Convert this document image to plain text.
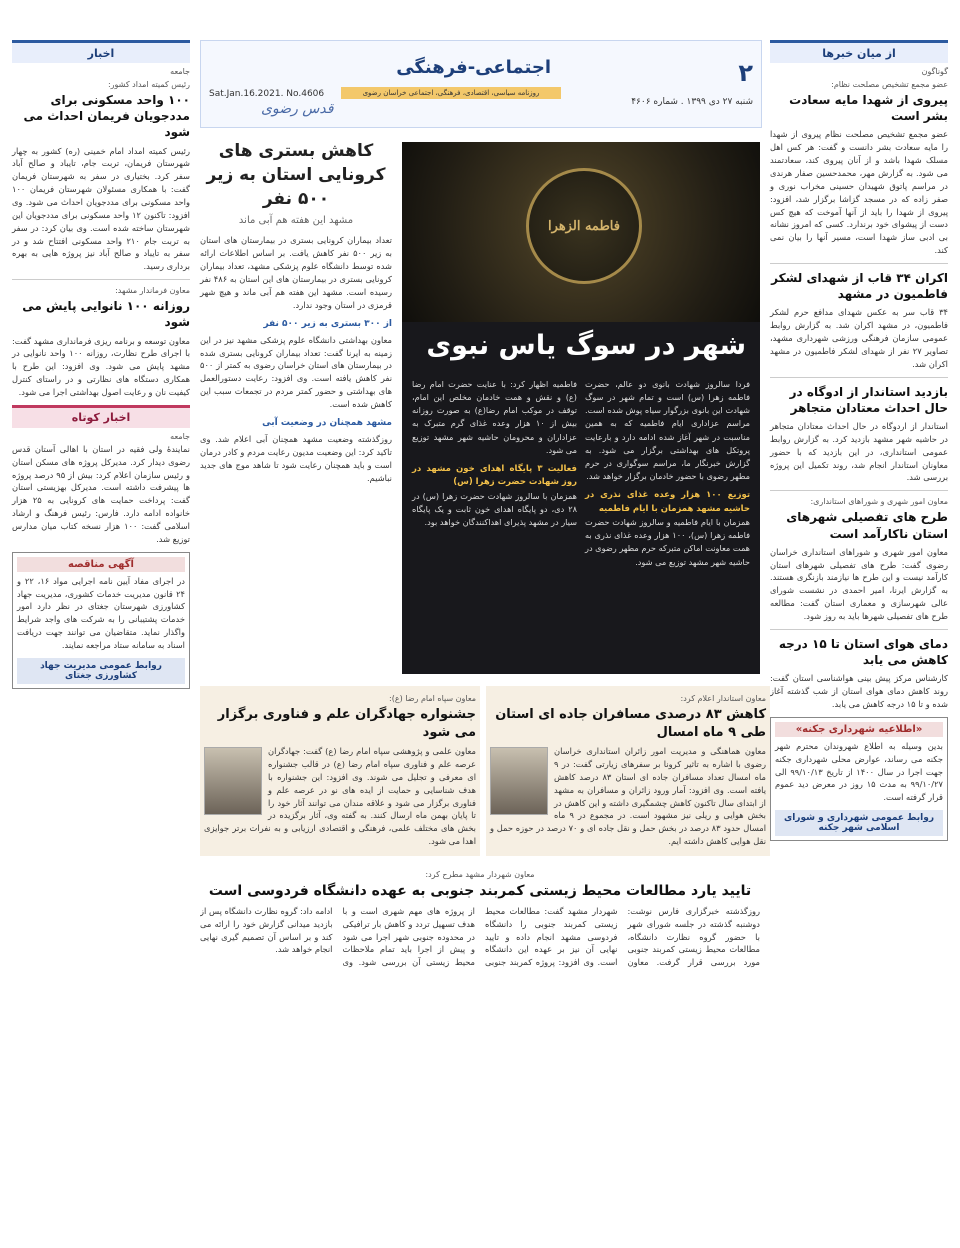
۲
اجتماعی-فرهنگی
روزنامه سیاسی، اقتصادی، فرهنگی، اجتماعی خراسان رضوی
شنبه ۲۷ دی ۱۳۹۹ . شماره ۴۶۰۶
Sat.Jan.16.2021. No.4606
قدس رضوی
از میان خبرها
گوناگون
عضو مجمع تشخیص مصلحت نظام:
پیروی از شهدا مایه سعادت بشر است

عضو مجمع تشخیص مصلحت نظام پیروی از شهدا را مایه سعادت بشر دانست و گفت: هر کس اهل مسلک شهدا باشد و از آنان پیروی کند، سعادتمند می شود. به گزارش مهر، محمدحسین صفار هرندی در مراسم پاتوق شهیدان حسینی مخراب نوری و صفر زاده که در مسجد گزاشا برگزار شد، افزود: پیروی از شهدا را باید از آنها آموخت که هیچ کس دست از پیشوای خود برندارد. کسی که امروز نشانه بی ادبی ساز شهدا است، مسیر آنها را بیان نمی کند.

اکران ۳۴ قاب از شهدای لشکر فاطمیون در مشهد

۳۴ قاب سر به عکس شهدای مدافع حرم لشکر فاطمیون، در مشهد اکران شد. به گزارش روابط عمومی سازمان فرهنگی ورزشی شهرداری مشهد، تصاویر ۲۷ نفر از شهدای لشکر فاطمیون در مشهد اکران شد.

بازدید استاندار از ادوگاه در حال احداث معتادان متجاهر

استاندار از اردوگاه در حال احداث معتادان متجاهر در حاشیه شهر مشهد بازدید کرد. به گزارش روابط عمومی استانداری، در این بازدید که با حضور معاونان استاندار انجام شد، روند تکمیل این پروژه بررسی شد.

معاون امور شهری و شوراهای استانداری:
طرح های تفصیلی شهرهای استان ناکارآمد است

معاون امور شهری و شوراهای استانداری خراسان رضوی گفت: طرح های تفصیلی شهرهای استان کارآمد نیست و این طرح ها نیازمند بازنگری هستند. به گزارش ایرنا، امیر احمدی در نشست شورای عالی شهرسازی و معماری استان گفت: مطالعه طرح های تفصیلی شهرها باید به روز شود.

دمای هوای استان تا ۱۵ درجه کاهش می یابد

کارشناس مرکز پیش بینی هواشناسی استان گفت: روند کاهش دمای هوای استان از شب گذشته آغاز شده و تا ۱۵ درجه کاهش می یابد.

«اطلاعیه شهرداری جکنه»

بدین وسیله به اطلاع شهروندان محترم شهر جکنه می رساند، عوارض محلی شهرداری جکنه جهت اجرا در سال ۱۴۰۰ از تاریخ ۹۹/۱۰/۱۳ الی ۹۹/۱۰/۲۷ به مدت ۱۵ روز در معرض دید عموم قرار گرفته است.

روابط عمومی شهرداری و شورای اسلامی شهر جکنه
اخبار
جامعه
رئیس کمیته امداد کشور:
۱۰۰ واحد مسکونی برای مددجویان فریمان احداث می شود

رئیس کمیته امداد امام خمینی (ره) کشور به چهار شهرستان فریمان، تربت جام، تایباد و صالح آباد سفر کرد. بختیاری در سفر به شهرستان فریمان گفت: با همکاری مسئولان شهرستان فریمان ۱۰۰ واحد مسکونی برای مددجویان احداث می شود. وی افزود: تاکنون ۱۲ واحد مسکونی برای مددجویان این شهرستان ساخته شده است. وی بیان کرد: در سفر به تربت جام ۲۱۰ واحد مسکونی افتتاح شد و در سفر به تایباد و صالح آباد نیز پروژه هایی به بهره برداری رسید.

معاون فرماندار مشهد:
روزانه ۱۰۰ نانوایی پایش می شود

معاون توسعه و برنامه ریزی فرمانداری مشهد گفت: با اجرای طرح نظارت، روزانه ۱۰۰ واحد نانوایی در مشهد پایش می شود. وی افزود: این طرح با همکاری دستگاه های نظارتی و در راستای کنترل کیفیت نان و رعایت اصول بهداشتی اجرا می شود.

اخبار کوتاه
جامعه

نمایندۀ ولی فقیه در استان با اهالی آستان قدس رضوی دیدار کرد. مدیرکل پروژه های مسکن استان و رئیس سازمان اعلام کرد: بیش از ۹۵ درصد پروژه ها پیشرفت داشته است. مدیرکل بهزیستی استان گفت: پرداخت حمایت های کرونایی به ۲۵ هزار خانواده ادامه دارد. فارس: رئیس فرهنگ و ارشاد اسلامی گفت: ۱۰۰ هزار نسخه کتاب میان مدارس توزیع شد.

آگهی مناقصه

در اجرای مفاد آیین نامه اجرایی مواد ۱۶، ۲۲ و ۲۴ قانون مدیریت خدمات کشوری، مدیریت جهاد کشاورزی شهرستان جغتای در نظر دارد امور خدمات پشتیبانی را به شرکت های واجد شرایط واگذار نماید. متقاضیان می توانند جهت دریافت اسناد به سامانه ستاد مراجعه نمایند.

روابط عمومی مدیریت جهاد کشاورزی جغتای
کاهش بستری های کرونایی استان به زیر ۵۰۰ نفر
مشهد این هفته هم آبی ماند

تعداد بیماران کرونایی بستری در بیمارستان های استان به زیر ۵۰۰ نفر کاهش یافت. بر اساس اطلاعات ارائه شده توسط دانشگاه علوم پزشکی مشهد، تعداد بیماران کرونایی بستری در بیمارستان های این استان به ۴۸۶ نفر رسیده است. مشهد این هفته هم آبی ماند و هیچ شهر قرمزی در استان وجود ندارد.

از ۳۰۰ بستری به زیر ۵۰۰ نفر

معاون بهداشتی دانشگاه علوم پزشکی مشهد نیز در این زمینه به ایرنا گفت: تعداد بیماران کرونایی بستری شده در بیمارستان های استان خراسان رضوی به کمتر از ۵۰۰ نفر کاهش یافته است. وی افزود: رعایت دستورالعمل های بهداشتی و حضور کمتر مردم در تجمعات سبب این کاهش شده است.

مشهد همچنان در وضعیت آبی

روزگذشته وضعیت مشهد همچنان آبی اعلام شد. وی تاکید کرد: این وضعیت مدیون رعایت مردم و کادر درمان است و باید همچنان رعایت شود تا شاهد موج های جدید نباشیم.

فاطمه الزهرا
شهر در سوگ یاس نبوی
فردا سالروز شهادت بانوی دو عالم، حضرت فاطمه زهرا (س) است و تمام شهر در سوگ شهادت این بانوی بزرگوار سیاه پوش شده است. مراسم عزاداری ایام فاطمیه که به همین مناسبت در شهر آغاز شده ادامه دارد و بارعایت پروتکل های بهداشتی برگزار می شود. به گزارش خبرنگار ما، مراسم سوگواری در حرم مطهر رضوی با حضور خادمان برگزار خواهد شد.
توزیع ۱۰۰ هزار وعده غذای نذری در حاشیه مشهد همزمان با ایام فاطمیه
همزمان با ایام فاطمیه و سالروز شهادت حضرت فاطمه زهرا (س)، ۱۰۰ هزار وعده غذای نذری به همت معاونت اماکن متبرکه حرم مطهر رضوی در حاشیه شهر مشهد توزیع می شود.
فاطمیه اظهار کرد: با عنایت حضرت امام رضا (ع) و نقش و همت خادمان مخلص این امام، توقف در موکب امام رضا(ع) به صورت روزانه بیش از ۱۰ هزار وعده غذای گرم متبرک به عزاداران و محرومان حاشیه شهر مشهد توزیع می شود.
فعالیت ۳ پایگاه اهدای خون مشهد در روز شهادت حضرت زهرا (س)
همزمان با سالروز شهادت حضرت زهرا (س) در ۲۸ دی، دو پایگاه اهدای خون ثابت و یک پایگاه سیار در مشهد پذیرای اهداکنندگان خواهد بود.
معاون استاندار اعلام کرد:
کاهش ۸۳ درصدی مسافران جاده ای استان طی ۹ ماه امسال

معاون هماهنگی و مدیریت امور زائران استانداری خراسان رضوی با اشاره به تاثیر کرونا بر سفرهای زیارتی گفت: در ۹ ماه امسال تعداد مسافران جاده ای استان ۸۳ درصد کاهش یافته است. وی افزود: آمار ورود زائران و مسافران به مشهد از ابتدای سال تاکنون کاهش چشمگیری داشته و این کاهش در بخش هوایی و ریلی نیز مشهود است. در مجموع در ۹ ماه امسال حدود ۸۳ درصد در بخش حمل و نقل جاده ای و ۷۰ درصد در حوزه حمل و نقل هوایی کاهش داشته ایم.

معاون سپاه امام رضا (ع):
جشنواره جهادگران علم و فناوری برگزار می شود

معاون علمی و پژوهشی سپاه امام رضا (ع) گفت: جهادگران عرصه علم و فناوری سپاه امام رضا (ع) در قالب جشنواره ای معرفی و تجلیل می شوند. وی افزود: این جشنواره با هدف شناسایی و حمایت از ایده های نو در عرصه علم و فناوری برگزار می شود و علاقه مندان می توانند آثار خود را تا پایان بهمن ماه ارسال کنند. به گفته وی، آثار برگزیده در بخش های مختلف علمی، فرهنگی و اقتصادی ارزیابی و به نفرات برتر جوایزی اهدا می شود.

معاون شهردار مشهد مطرح کرد:
تایید یارد مطالعات محیط زیستی کمربند جنوبی به عهده دانشگاه فردوسی است

روزگذشته خبرگزاری فارس نوشت: دوشنبه گذشته در جلسه شورای شهر با حضور گروه نظارت دانشگاه، مطالعات محیط زیستی کمربند جنوبی مورد بررسی قرار گرفت. معاون شهردار مشهد گفت: مطالعات محیط زیستی کمربند جنوبی را دانشگاه فردوسی مشهد انجام داده و تایید نهایی آن نیز بر عهده این دانشگاه است. وی افزود: پروژه کمربند جنوبی از پروژه های مهم شهری است و با هدف تسهیل تردد و کاهش بار ترافیکی در محدوده جنوبی شهر اجرا می شود و پیش از اجرا باید تمام ملاحظات محیط زیستی آن بررسی شود. وی ادامه داد: گروه نظارت دانشگاه پس از بازدید میدانی گزارش خود را ارائه می کند و بر اساس آن تصمیم گیری نهایی انجام خواهد شد.
